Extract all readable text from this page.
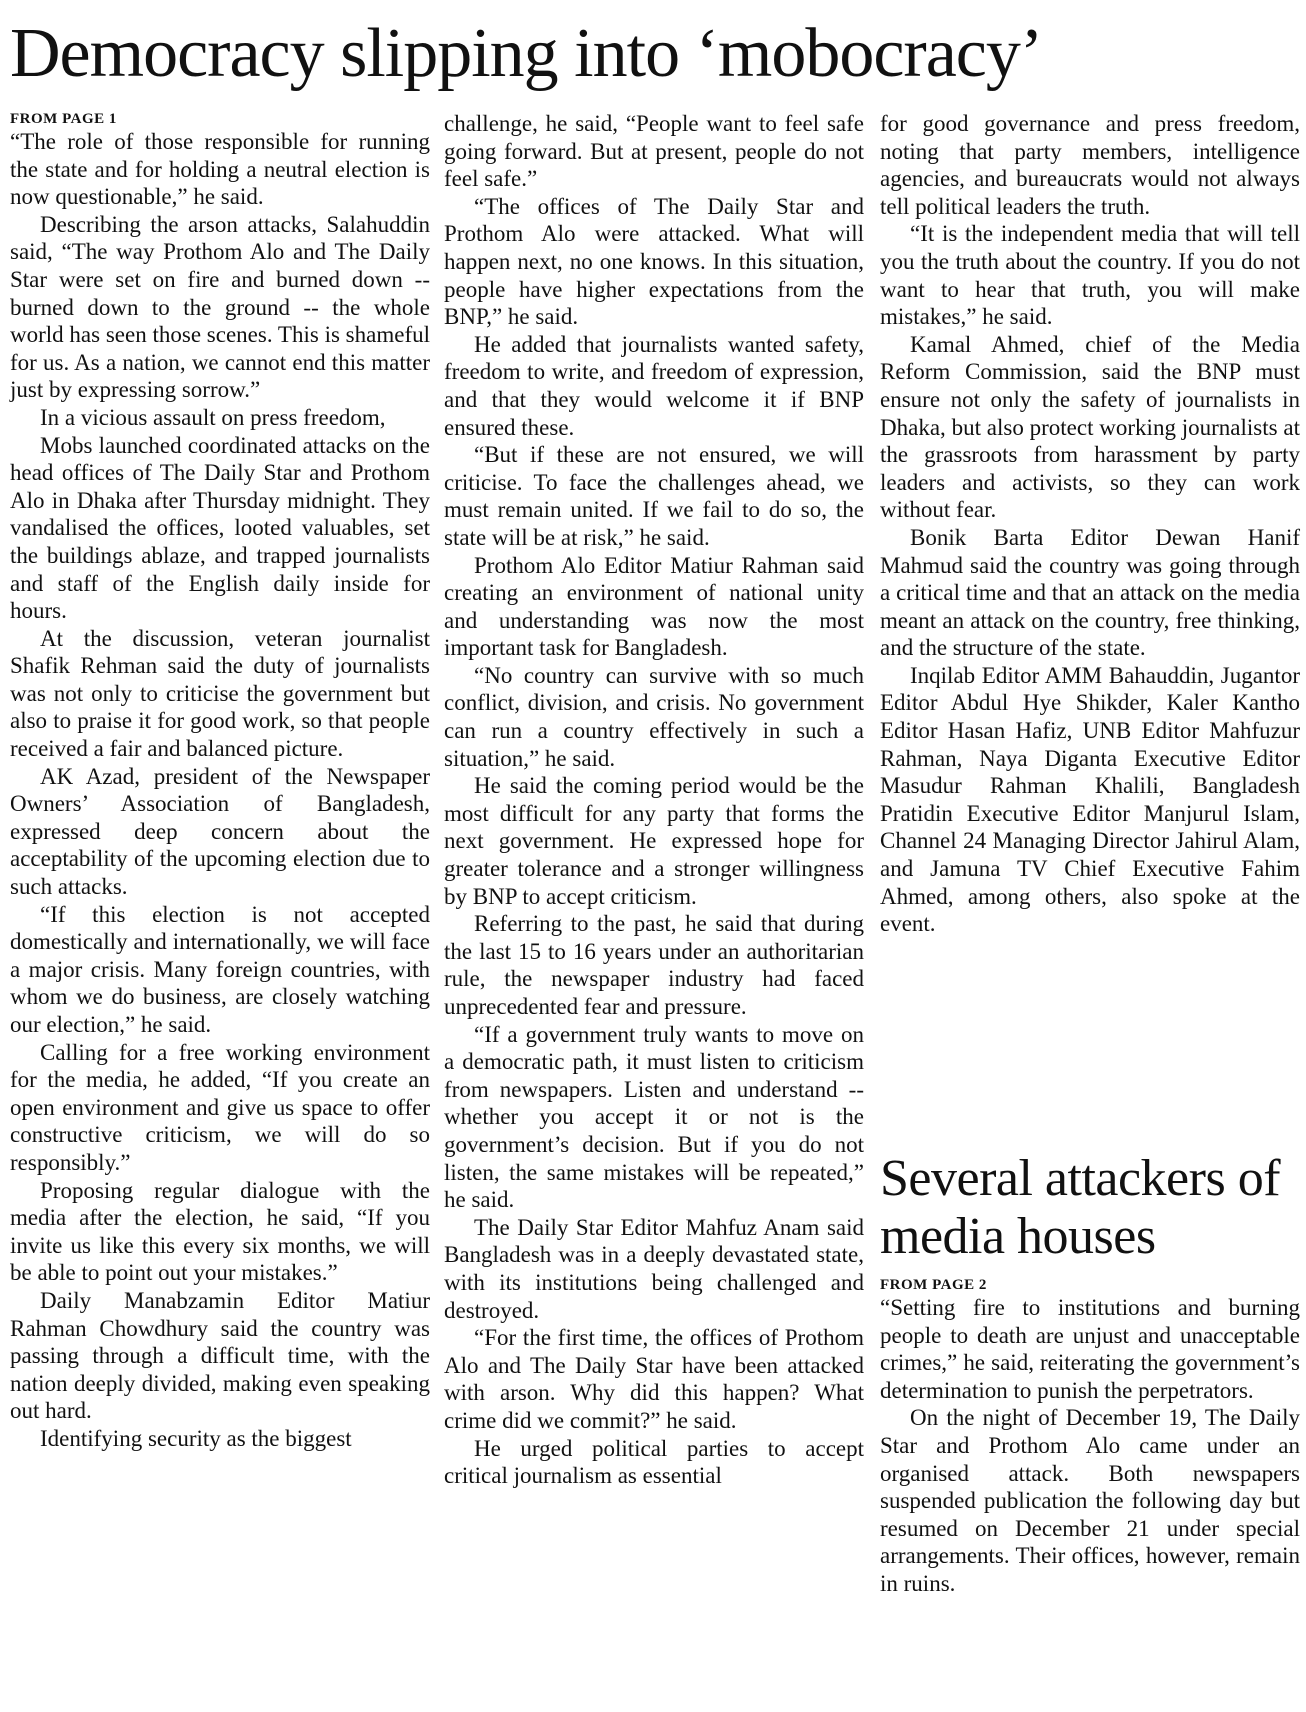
Democracy slipping into ‘mobocracy’
FROM PAGE 1

“The role of those responsible for running the state and for holding a neutral election is now questionable,” he said.

Describing the arson attacks, Salahuddin said, “The way Prothom Alo and The Daily Star were set on fire and burned down -- burned down to the ground -- the whole world has seen those scenes. This is shameful for us. As a nation, we cannot end this matter just by expressing sorrow.”

In a vicious assault on press freedom,

Mobs launched coordinated attacks on the head offices of The Daily Star and Prothom Alo in Dhaka after Thursday midnight. They vandalised the offices, looted valuables, set the buildings ablaze, and trapped journalists and staff of the English daily inside for hours.

At the discussion, veteran journalist Shafik Rehman said the duty of journalists was not only to criticise the government but also to praise it for good work, so that people received a fair and balanced picture.

AK Azad, president of the Newspaper Owners’ Association of Bangladesh, expressed deep concern about the acceptability of the upcoming election due to such attacks.

“If this election is not accepted domestically and internationally, we will face a major crisis. Many foreign countries, with whom we do business, are closely watching our election,” he said.

Calling for a free working environment for the media, he added, “If you create an open environment and give us space to offer constructive criticism, we will do so responsibly.”

Proposing regular dialogue with the media after the election, he said, “If you invite us like this every six months, we will be able to point out your mistakes.”

Daily Manabzamin Editor Matiur Rahman Chowdhury said the country was passing through a difficult time, with the nation deeply divided, making even speaking out hard.

Identifying security as the biggest

challenge, he said, “People want to feel safe going forward. But at present, people do not feel safe.”

“The offices of The Daily Star and Prothom Alo were attacked. What will happen next, no one knows. In this situation, people have higher expectations from the BNP,” he said.

He added that journalists wanted safety, freedom to write, and freedom of expression, and that they would welcome it if BNP ensured these.

“But if these are not ensured, we will criticise. To face the challenges ahead, we must remain united. If we fail to do so, the state will be at risk,” he said.

Prothom Alo Editor Matiur Rahman said creating an environment of national unity and understanding was now the most important task for Bangladesh.

“No country can survive with so much conflict, division, and crisis. No government can run a country effectively in such a situation,” he said.

He said the coming period would be the most difficult for any party that forms the next government. He expressed hope for greater tolerance and a stronger willingness by BNP to accept criticism.

Referring to the past, he said that during the last 15 to 16 years under an authoritarian rule, the newspaper industry had faced unprecedented fear and pressure.

“If a government truly wants to move on a democratic path, it must listen to criticism from newspapers. Listen and understand -- whether you accept it or not is the government’s decision. But if you do not listen, the same mistakes will be repeated,” he said.

The Daily Star Editor Mahfuz Anam said Bangladesh was in a deeply devastated state, with its institutions being challenged and destroyed.

“For the first time, the offices of Prothom Alo and The Daily Star have been attacked with arson. Why did this happen? What crime did we commit?” he said.

He urged political parties to accept critical journalism as essential

for good governance and press freedom, noting that party members, intelligence agencies, and bureaucrats would not always tell political leaders the truth.

“It is the independent media that will tell you the truth about the country. If you do not want to hear that truth, you will make mistakes,” he said.

Kamal Ahmed, chief of the Media Reform Commission, said the BNP must ensure not only the safety of journalists in Dhaka, but also protect working journalists at the grassroots from harassment by party leaders and activists, so they can work without fear.

Bonik Barta Editor Dewan Hanif Mahmud said the country was going through a critical time and that an attack on the media meant an attack on the country, free thinking, and the structure of the state.

Inqilab Editor AMM Bahauddin, Jugantor Editor Abdul Hye Shikder, Kaler Kantho Editor Hasan Hafiz, UNB Editor Mahfuzur Rahman, Naya Diganta Executive Editor Masudur Rahman Khalili, Bangladesh Pratidin Executive Editor Manjurul Islam, Channel 24 Managing Director Jahirul Alam, and Jamuna TV Chief Executive Fahim Ahmed, among others, also spoke at the event.

Several attackers of media houses
FROM PAGE 2

“Setting fire to institutions and burning people to death are unjust and unacceptable crimes,” he said, reiterating the government’s determination to punish the perpetrators.

On the night of December 19, The Daily Star and Prothom Alo came under an organised attack. Both newspapers suspended publication the following day but resumed on December 21 under special arrangements. Their offices, however, remain in ruins.
